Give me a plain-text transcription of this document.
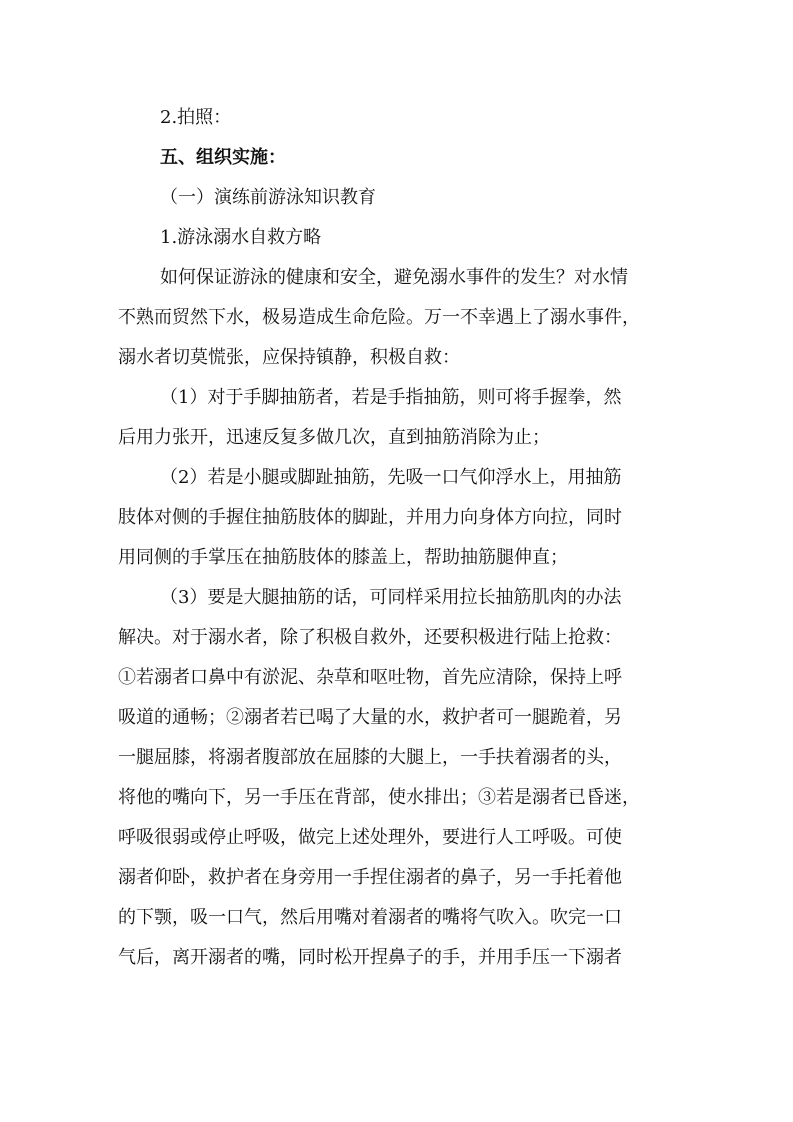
2.拍照：
五、组织实施：
（一）演练前游泳知识教育
1.游泳溺水自救方略
如何保证游泳的健康和安全，避免溺水事件的发生？对水情
不熟而贸然下水，极易造成生命危险。万一不幸遇上了溺水事件，
溺水者切莫慌张，应保持镇静，积极自救：
（1）对于手脚抽筋者，若是手指抽筋，则可将手握拳，然
后用力张开，迅速反复多做几次，直到抽筋消除为止；
（2）若是小腿或脚趾抽筋，先吸一口气仰浮水上，用抽筋
肢体对侧的手握住抽筋肢体的脚趾，并用力向身体方向拉，同时
用同侧的手掌压在抽筋肢体的膝盖上，帮助抽筋腿伸直；
（3）要是大腿抽筋的话，可同样采用拉长抽筋肌肉的办法
解决。对于溺水者，除了积极自救外，还要积极进行陆上抢救：
①若溺者口鼻中有淤泥、杂草和呕吐物，首先应清除，保持上呼
吸道的通畅；②溺者若已喝了大量的水，救护者可一腿跪着，另
一腿屈膝，将溺者腹部放在屈膝的大腿上，一手扶着溺者的头，
将他的嘴向下，另一手压在背部，使水排出；③若是溺者已昏迷，
呼吸很弱或停止呼吸，做完上述处理外，要进行人工呼吸。可使
溺者仰卧，救护者在身旁用一手捏住溺者的鼻子，另一手托着他
的下颚，吸一口气，然后用嘴对着溺者的嘴将气吹入。吹完一口
气后，离开溺者的嘴，同时松开捏鼻子的手，并用手压一下溺者
